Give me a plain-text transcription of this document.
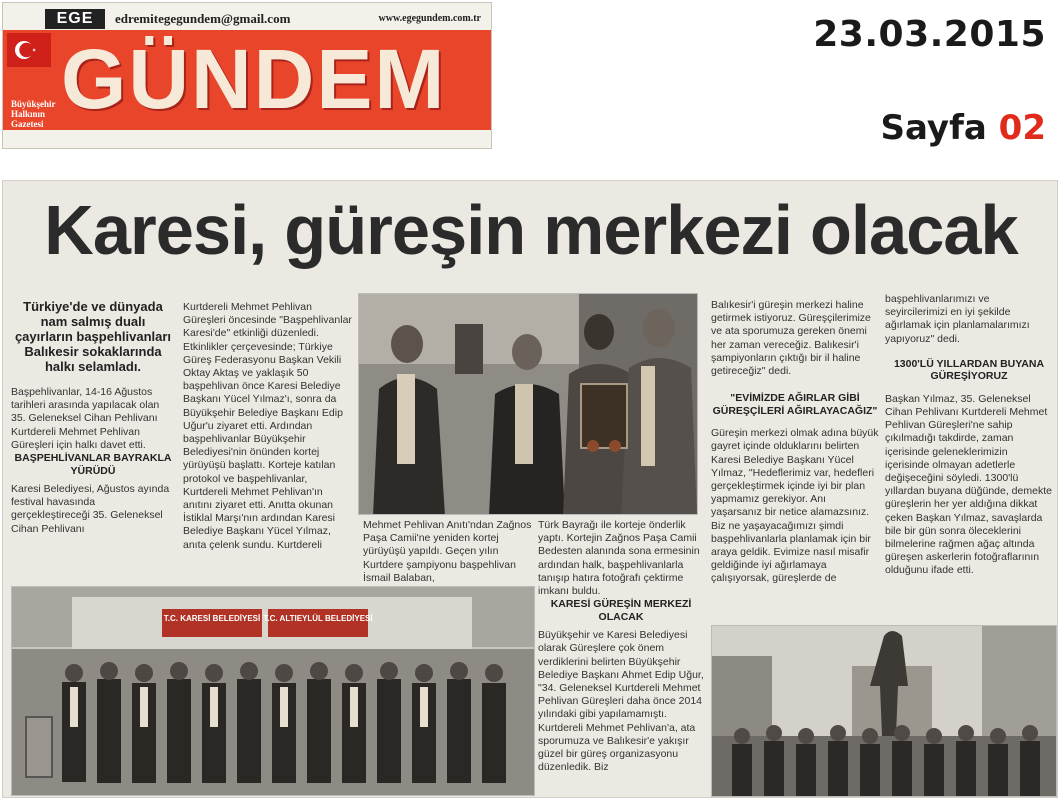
EGE	edremitegegundem@gmail.com	www.egegundem.com.tr
GÜNDEM
Büyükşehir Halkının Gazetesi
23.03.2015
Sayfa 02
Karesi, güreşin merkezi olacak

Türkiye'de ve dünyada nam salmış dualı çayırların başpehlivanları Balıkesir sokaklarında halkı selamladı.

Başpehlivanlar, 14-16 Ağustos tarihleri arasında yapılacak olan 35. Geleneksel Cihan Pehlivanı Kurtdereli Mehmet Pehlivan Güreşleri için halkı davet etti.

BAŞPEHLİVANLAR BAYRAKLA YÜRÜDÜ

Karesi Belediyesi, Ağustos ayında festival havasında gerçekleştireceği 35. Geleneksel Cihan Pehlivanı

Kurtdereli Mehmet Pehlivan Güreşleri öncesinde "Başpehlivanlar Karesi'de" etkinliği düzenledi. Etkinlikler çerçevesinde; Türkiye Güreş Federasyonu Başkan Vekili Oktay Aktaş ve yaklaşık 50 başpehlivan önce Karesi Belediye Başkanı Yücel Yılmaz'ı, sonra da Büyükşehir Belediye Başkanı Edip Uğur'u ziyaret etti. Ardından başpehlivanlar Büyükşehir Belediyesi'nin önünden kortej yürüyüşü başlattı. Korteje katılan protokol ve başpehlivanlar, Kurtdereli Mehmet Pehlivan'ın anıtını ziyaret etti. Anıtta okunan İstiklal Marşı'nın ardından Karesi Belediye Başkanı Yücel Yılmaz, anıta çelenk sundu. Kurtdereli

Mehmet Pehlivan Anıtı'ndan Zağnos Paşa Camii'ne yeniden kortej yürüyüşü yapıldı. Geçen yılın Kurtdere şampiyonu başpehlivan İsmail Balaban,

Türk Bayrağı ile korteje önderlik yaptı. Kortejin Zağnos Paşa Camii Bedesten alanında sona ermesinin ardından halk, başpehlivanlarla tanışıp hatıra fotoğrafı çektirme imkanı buldu.

KARESİ GÜREŞİN MERKEZİ OLACAK

Büyükşehir ve Karesi Belediyesi olarak Güreşlere çok önem verdiklerini belirten Büyükşehir Belediye Başkanı Ahmet Edip Uğur, "34. Geleneksel Kurtdereli Mehmet Pehlivan Güreşleri daha önce 2014 yılındaki gibi yapılamamıştı. Kurtdereli Mehmet Pehlivan'a, ata sporumuza ve Balıkesir'e yakışır güzel bir güreş organizasyonu düzenledik. Biz

Balıkesir'i güreşin merkezi haline getirmek istiyoruz. Güreşçilerimize ve ata sporumuza gereken önemi her zaman vereceğiz. Balıkesir'i şampiyonların çıktığı bir il haline getireceğiz" dedi.

"EVİMİZDE AĞIRLAR GİBİ GÜREŞÇİLERİ AĞIRLAYACAĞIZ"

Güreşin merkezi olmak adına büyük gayret içinde olduklarını belirten Karesi Belediye Başkanı Yücel Yılmaz, "Hedeflerimiz var, hedefleri gerçekleştirmek içinde iyi bir plan yapmamız gerekiyor. Anı yaşarsanız bir netice alamazsınız. Biz ne yaşayacağımızı şimdi başpehlivanlarla planlamak için bir araya geldik. Evimize nasıl misafir geldiğinde iyi ağırlamaya çalışıyorsak, güreşlerde de

başpehlivanlarımızı ve seyircilerimizi en iyi şekilde ağırlamak için planlamalarımızı yapıyoruz" dedi.

1300'LÜ YILLARDAN BUYANA GÜREŞİYORUZ

Başkan Yılmaz, 35. Geleneksel Cihan Pehlivanı Kurtdereli Mehmet Pehlivan Güreşleri'ne sahip çıkılmadığı takdirde, zaman içerisinde geleneklerimizin içerisinde olmayan adetlerle değişeceğini söyledi. 1300'lü yıllardan buyana düğünde, demekte güreşlerin her yer aldığına dikkat çeken Başkan Yılmaz, savaşlarda bile bir gün sonra öleceklerini bilmelerine rağmen ağaç altında güreşen askerlerin fotoğraflarının olduğunu ifade etti.

T.C. KARESİ BELEDİYESİ T.C. ALTIEYLÜL BELEDİYESİ
